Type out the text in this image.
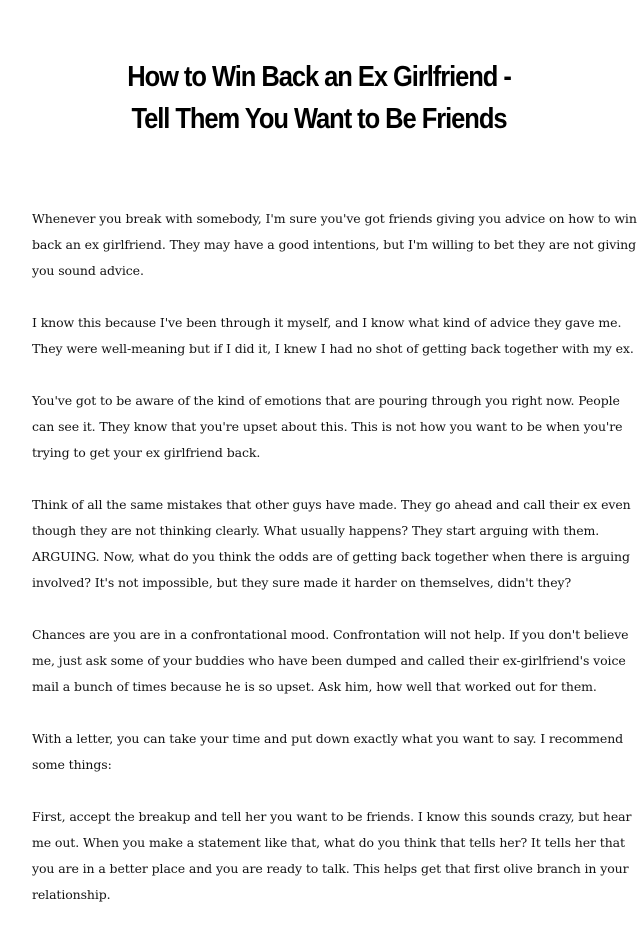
How to Win Back an Ex Girlfriend -
Tell Them You Want to Be Friends

Whenever you break with somebody, I'm sure you've got friends giving you advice on how to win
back an ex girlfriend. They may have a good intentions, but I'm willing to bet they are not giving
you sound advice.

I know this because I've been through it myself, and I know what kind of advice they gave me.
They were well-meaning but if I did it, I knew I had no shot of getting back together with my ex.

You've got to be aware of the kind of emotions that are pouring through you right now. People
can see it. They know that you're upset about this. This is not how you want to be when you're
trying to get your ex girlfriend back.

Think of all the same mistakes that other guys have made. They go ahead and call their ex even
though they are not thinking clearly. What usually happens? They start arguing with them.
ARGUING. Now, what do you think the odds are of getting back together when there is arguing
involved? It's not impossible, but they sure made it harder on themselves, didn't they?

Chances are you are in a confrontational mood. Confrontation will not help. If you don't believe
me, just ask some of your buddies who have been dumped and called their ex-girlfriend's voice
mail a bunch of times because he is so upset. Ask him, how well that worked out for them.

With a letter, you can take your time and put down exactly what you want to say. I recommend
some things:

First, accept the breakup and tell her you want to be friends. I know this sounds crazy, but hear
me out. When you make a statement like that, what do you think that tells her? It tells her that
you are in a better place and you are ready to talk. This helps get that first olive branch in your
relationship.
